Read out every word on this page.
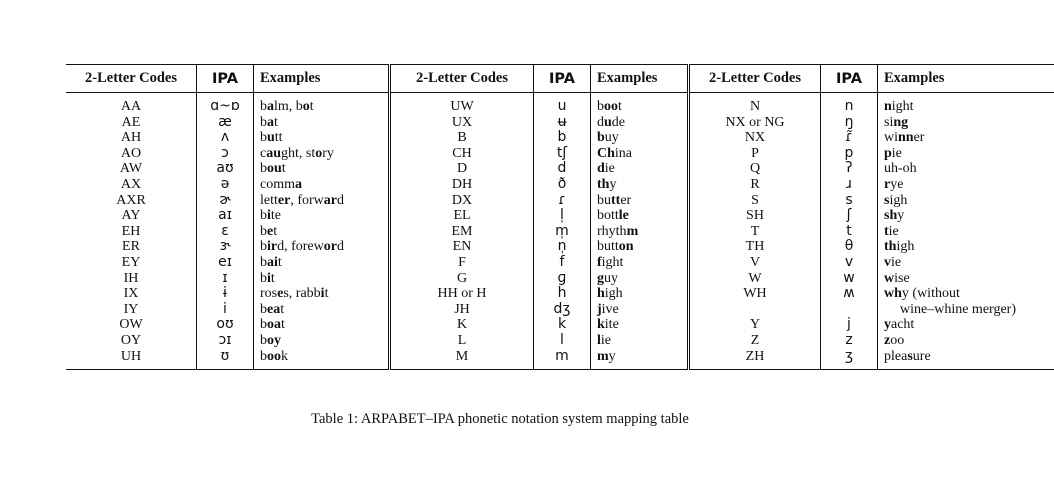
2-Letter Codes	IPA	Examples	2-Letter Codes	IPA	Examples	2-Letter Codes	IPA	Examples
AA	ɑ~ɒ	balm, bot	UW	u	boot	N	n	night
AE	æ	bat	UX	ʉ	dude	NX or NG	ŋ	sing
AH	ʌ	butt	B	b	buy	NX	ɾ̃	winner
AO	ɔ	caught, story	CH	tʃ	China	P	p	pie
AW	aʊ	bout	D	d	die	Q	ʔ	uh-oh
AX	ə	comma	DH	ð	thy	R	ɹ	rye
AXR	ɚ	letter, forward	DX	ɾ	butter	S	s	sigh
AY	aɪ	bite	EL	l̩	bottle	SH	ʃ	shy
EH	ɛ	bet	EM	m̩	rhythm	T	t	tie
ER	ɝ	bird, foreword	EN	n̩	button	TH	θ	thigh
EY	eɪ	bait	F	f	fight	V	v	vie
IH	ɪ	bit	G	ɡ	guy	W	w	wise
IX	ɨ	roses, rabbit	HH or H	h	high	WH	ʍ	why (without
wine–whine merger)
IY	i	beat	JH	dʒ	jive			
OW	oʊ	boat	K	k	kite	Y	j	yacht
OY	ɔɪ	boy	L	l	lie	Z	z	zoo
UH	ʊ	book	M	m	my	ZH	ʒ	pleasure
Table 1: ARPABET–IPA phonetic notation system mapping table
